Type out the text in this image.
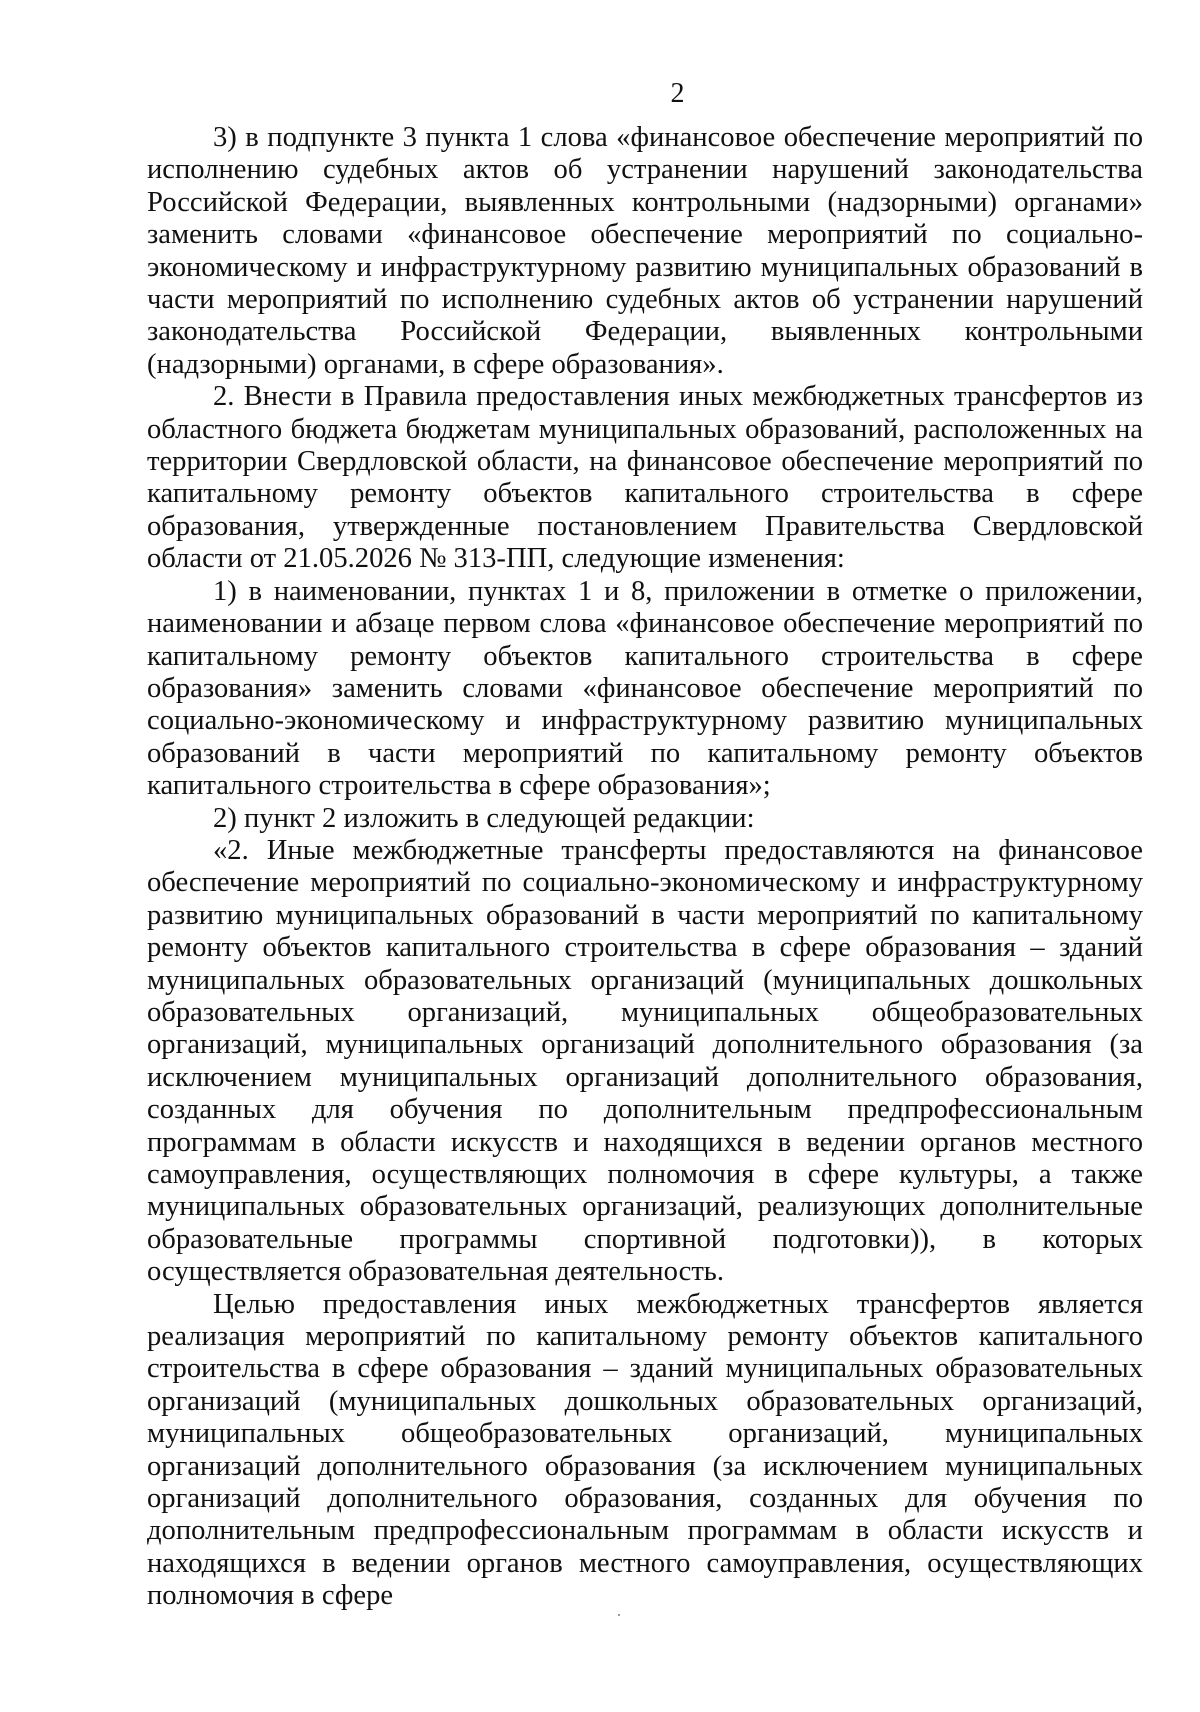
2

3) в подпункте 3 пункта 1 слова «финансовое обеспечение мероприятий по исполнению судебных актов об устранении нарушений законодательства Российской Федерации, выявленных контрольными (надзорными) органами» заменить словами «финансовое обеспечение мероприятий по социально-экономическому и инфраструктурному развитию муниципальных образований в части мероприятий по исполнению судебных актов об устранении нарушений законодательства Российской Федерации, выявленных контрольными (надзорными) органами, в сфере образования».

2. Внести в Правила предоставления иных межбюджетных трансфертов из областного бюджета бюджетам муниципальных образований, расположенных на территории Свердловской области, на финансовое обеспечение мероприятий по капитальному ремонту объектов капитального строительства в сфере образования, утвержденные постановлением Правительства Свердловской области от 21.05.2026 № 313-ПП, следующие изменения:

1) в наименовании, пунктах 1 и 8, приложении в отметке о приложении, наименовании и абзаце первом слова «финансовое обеспечение мероприятий по капитальному ремонту объектов капитального строительства в сфере образования» заменить словами «финансовое обеспечение мероприятий по социально-экономическому и инфраструктурному развитию муниципальных образований в части мероприятий по капитальному ремонту объектов капитального строительства в сфере образования»;

2) пункт 2 изложить в следующей редакции:

«2. Иные межбюджетные трансферты предоставляются на финансовое обеспечение мероприятий по социально-экономическому и инфраструктурному развитию муниципальных образований в части мероприятий по капитальному ремонту объектов капитального строительства в сфере образования – зданий муниципальных образовательных организаций (муниципальных дошкольных образовательных организаций, муниципальных общеобразовательных организаций, муниципальных организаций дополнительного образования (за исключением муниципальных организаций дополнительного образования, созданных для обучения по дополнительным предпрофессиональным программам в области искусств и находящихся в ведении органов местного самоуправления, осуществляющих полномочия в сфере культуры, а также муниципальных образовательных организаций, реализующих дополнительные образовательные программы спортивной подготовки)), в которых осуществляется образовательная деятельность.

Целью предоставления иных межбюджетных трансфертов является реализация мероприятий по капитальному ремонту объектов капитального строительства в сфере образования – зданий муниципальных образовательных организаций (муниципальных дошкольных образовательных организаций, муниципальных общеобразовательных организаций, муниципальных организаций дополнительного образования (за исключением муниципальных организаций дополнительного образования, созданных для обучения по дополнительным предпрофессиональным программам в области искусств и находящихся в ведении органов местного самоуправления, осуществляющих полномочия в сфере
